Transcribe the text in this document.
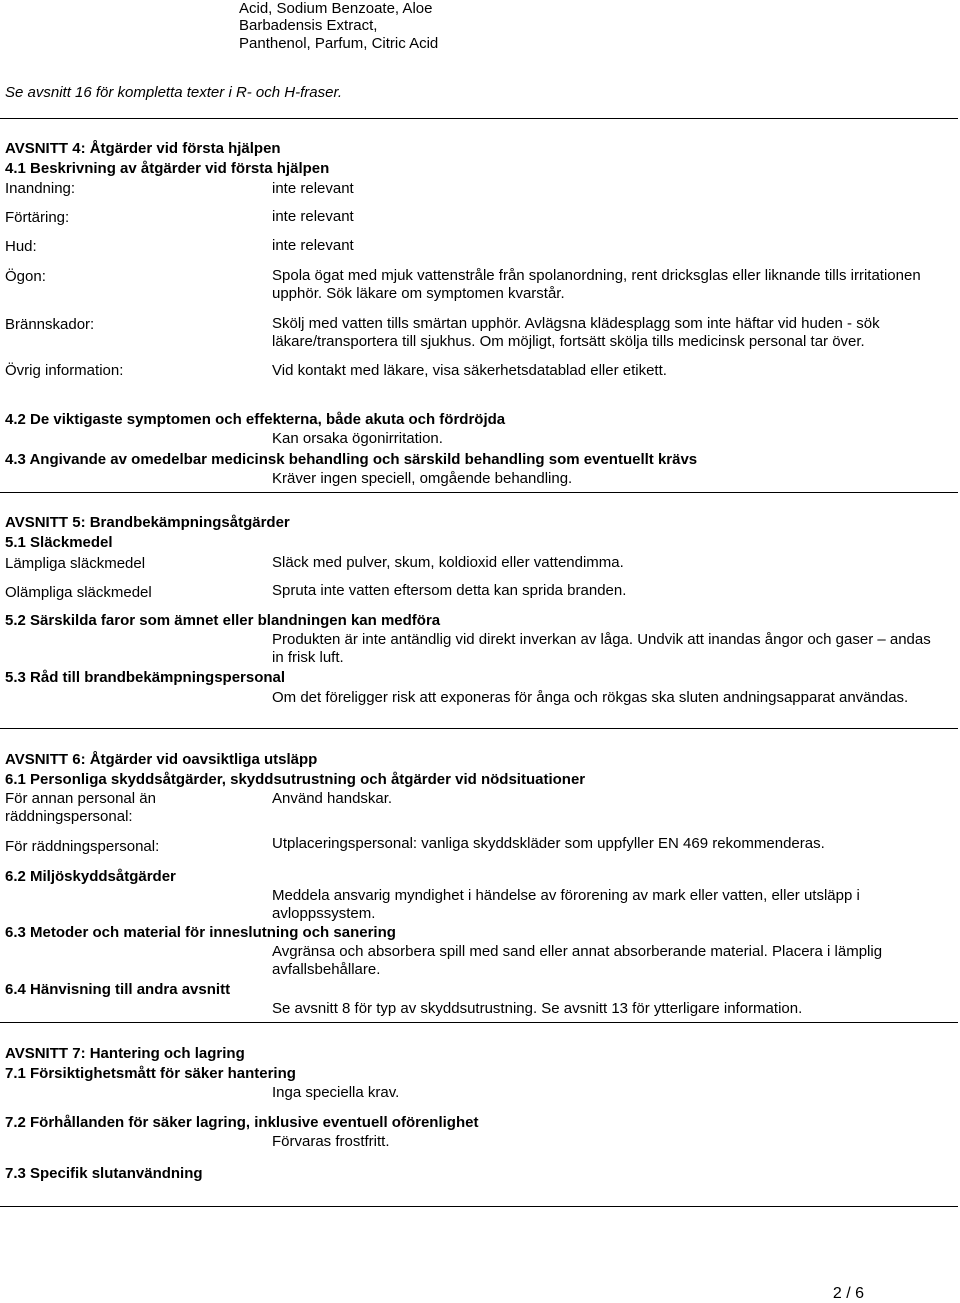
Acid, Sodium Benzoate, Aloe
Barbadensis Extract,
Panthenol, Parfum, Citric Acid
Se avsnitt 16 för kompletta texter i R- och H-fraser.
AVSNITT 4: Åtgärder vid första hjälpen
4.1 Beskrivning av åtgärder vid första hjälpen
Inandning:	inte relevant
Förtäring:	inte relevant
Hud:	inte relevant
Ögon:	Spola ögat med mjuk vattenstråle från spolanordning, rent dricksglas eller liknande tills irritationen upphör. Sök läkare om symptomen kvarstår.
Brännskador:	Skölj med vatten tills smärtan upphör. Avlägsna klädesplagg som inte häftar vid huden - sök läkare/transportera till sjukhus. Om möjligt, fortsätt skölja tills medicinsk personal tar över.
Övrig information:	Vid kontakt med läkare, visa säkerhetsdatablad eller etikett.
4.2 De viktigaste symptomen och effekterna, både akuta och fördröjda
Kan orsaka ögonirritation.
4.3 Angivande av omedelbar medicinsk behandling och särskild behandling som eventuellt krävs
Kräver ingen speciell, omgående behandling.
AVSNITT 5: Brandbekämpningsåtgärder
5.1 Släckmedel
Lämpliga släckmedel	Släck med pulver, skum, koldioxid eller vattendimma.
Olämpliga släckmedel	Spruta inte vatten eftersom detta kan sprida branden.
5.2 Särskilda faror som ämnet eller blandningen kan medföra
Produkten är inte antändlig vid direkt inverkan av låga. Undvik att inandas ångor och gaser – andas in frisk luft.
5.3 Råd till brandbekämpningspersonal
Om det föreligger risk att exponeras för ånga och rökgas ska sluten andningsapparat användas.
AVSNITT 6: Åtgärder vid oavsiktliga utsläpp
6.1 Personliga skyddsåtgärder, skyddsutrustning och åtgärder vid nödsituationer
För annan personal än räddningspersonal:
Använd handskar.
För räddningspersonal:	Utplaceringspersonal: vanliga skyddskläder som uppfyller EN 469 rekommenderas.
6.2 Miljöskyddsåtgärder
Meddela ansvarig myndighet i händelse av förorening av mark eller vatten, eller utsläpp i avloppssystem.
6.3 Metoder och material för inneslutning och sanering
Avgränsa och absorbera spill med sand eller annat absorberande material. Placera i lämplig avfallsbehållare.
6.4 Hänvisning till andra avsnitt
Se avsnitt 8 för typ av skyddsutrustning. Se avsnitt 13 för ytterligare information.
AVSNITT 7: Hantering och lagring
7.1 Försiktighetsmått för säker hantering
Inga speciella krav.
7.2 Förhållanden för säker lagring, inklusive eventuell oförenlighet
Förvaras frostfritt.
7.3 Specifik slutanvändning
2 / 6
